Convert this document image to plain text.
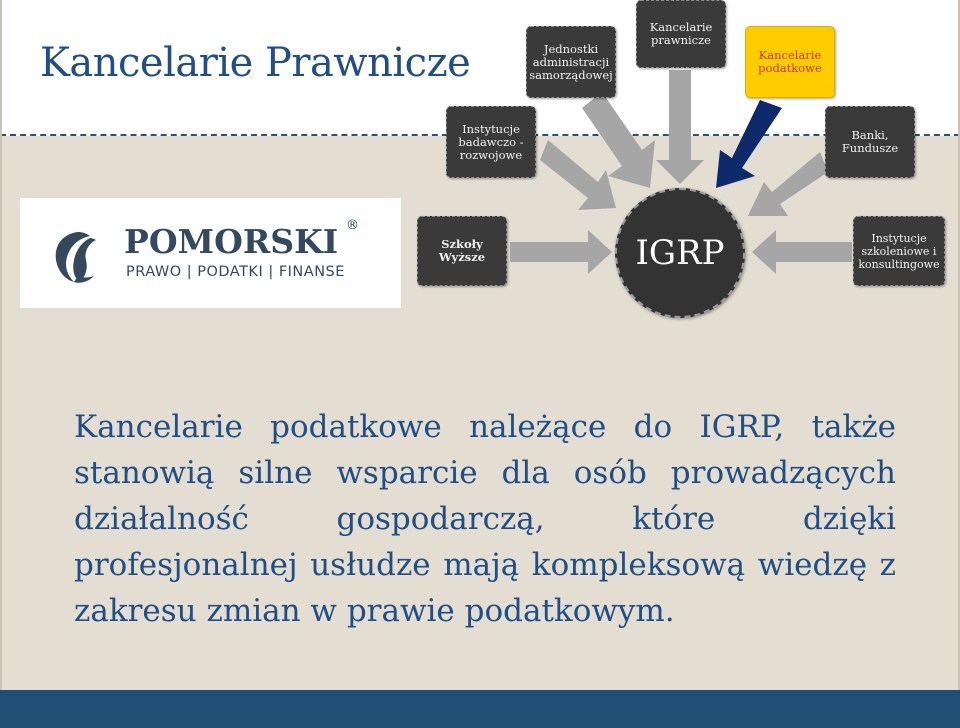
Kancelarie Prawnicze	Jednostki administracji samorządowej
Kancelarie prawnicze
Kancelarie podatkowe
Instytucje badawczo - rozwojowe
Banki, Fundusze
Szkoły Wyższe
Instytucje szkoleniowe i konsultingowe
IGRP
POMORSKI ®
PRAWO | PODATKI | FINANSE
Kancelarie podatkowe należące do IGRP, także stanowią silne wsparcie dla osób prowadzących działalność gospodarczą, które dzięki profesjonalnej usłudze mają kompleksową wiedzę z zakresu zmian w prawie podatkowym.
